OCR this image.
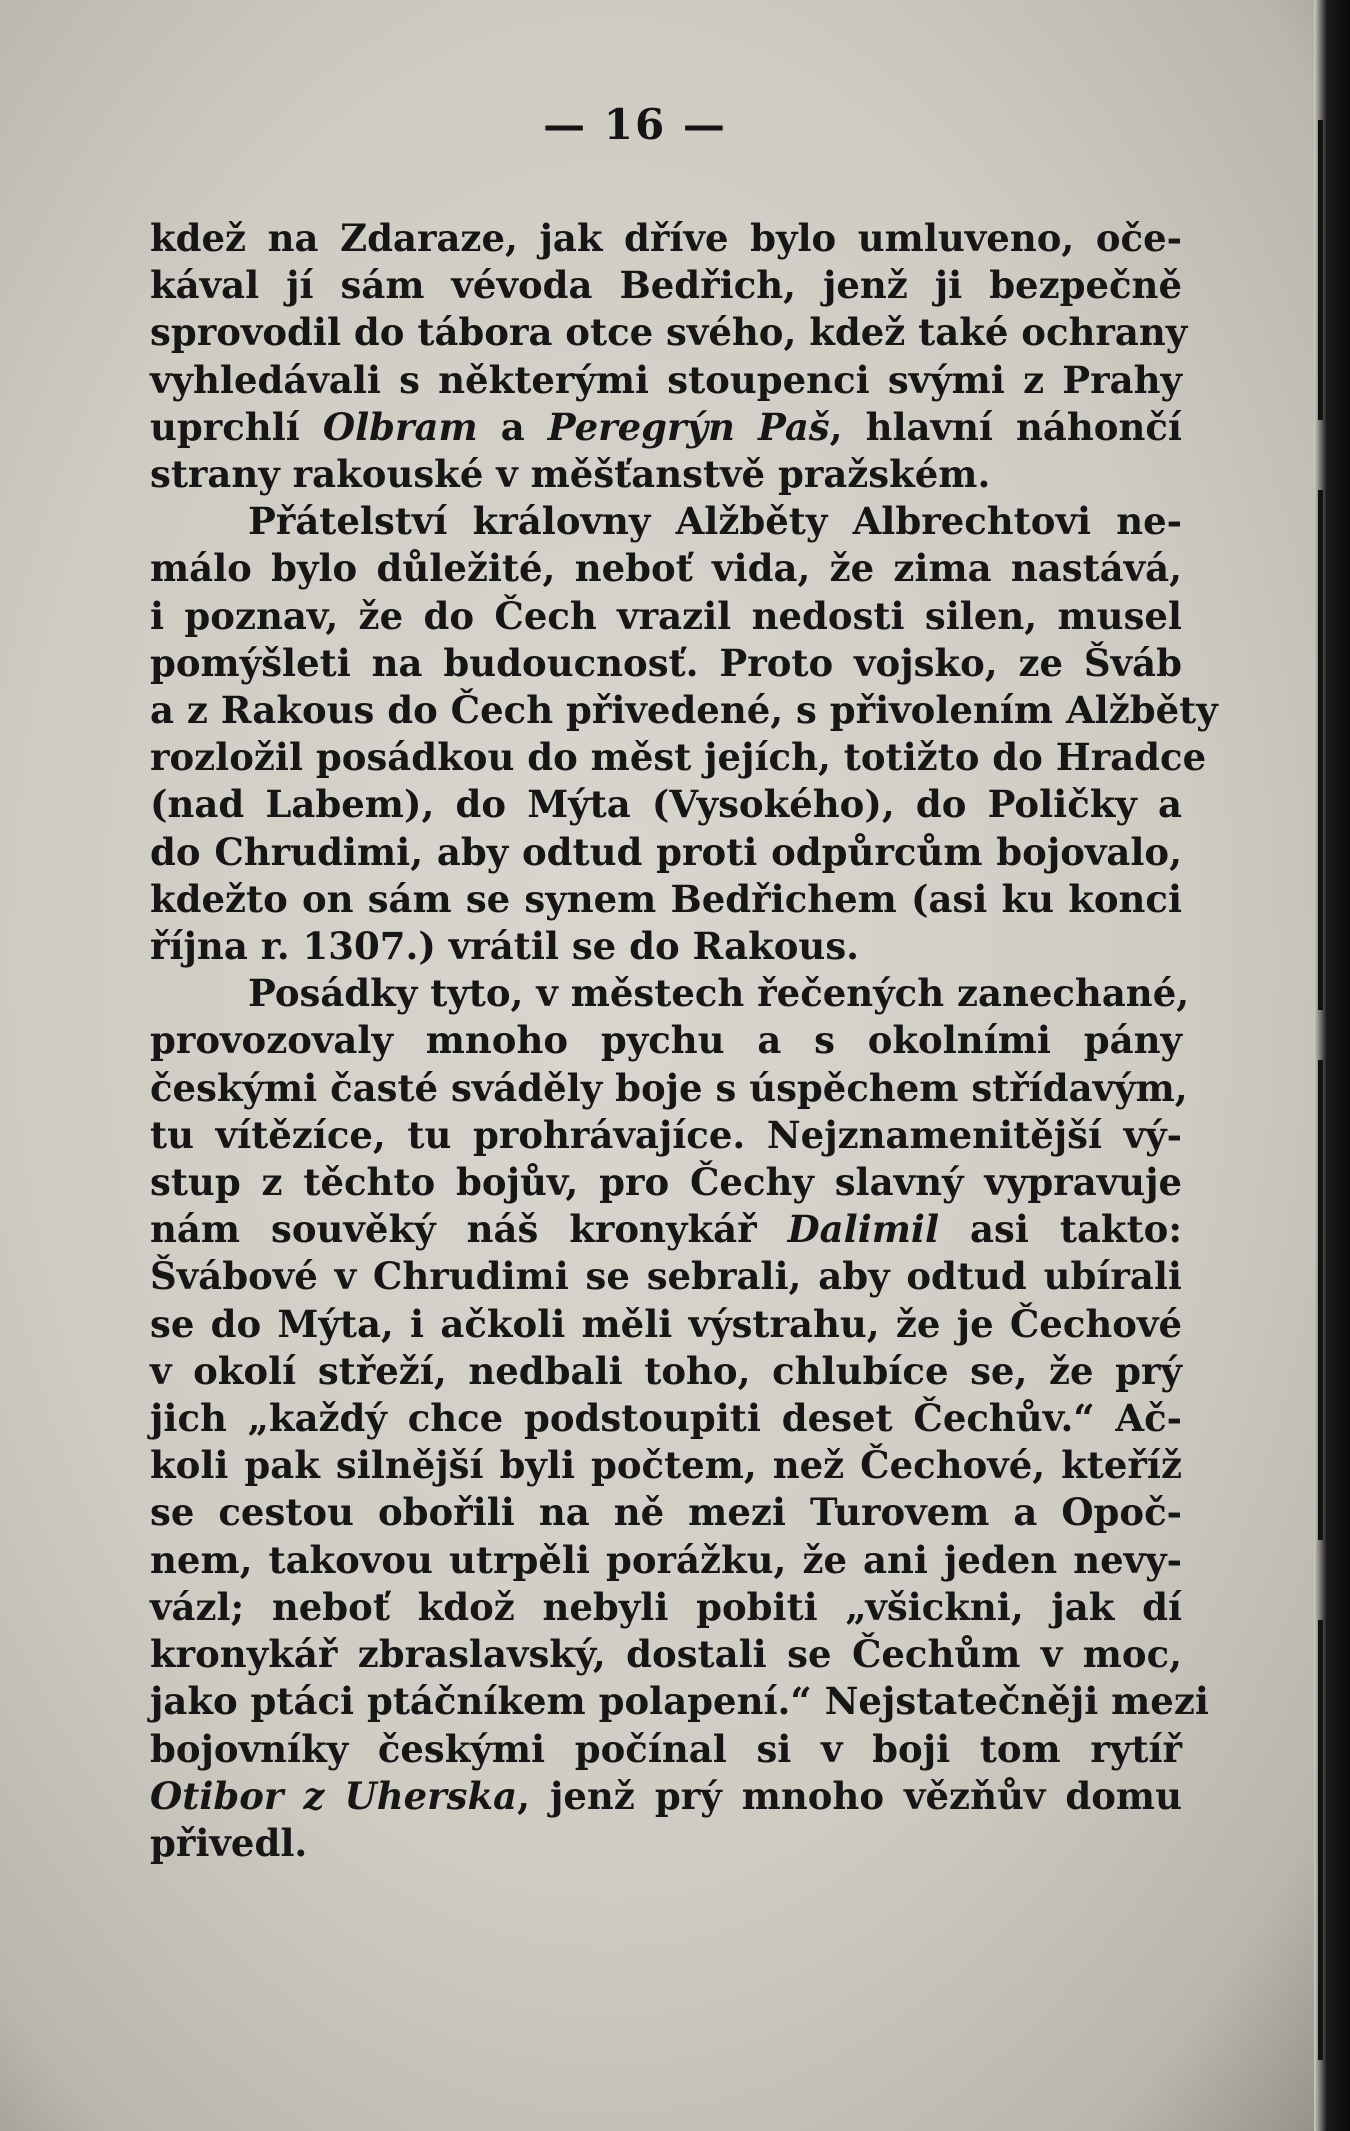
— 16 —
kdež na Zdaraze, jak dříve bylo umluveno, oče-
kával jí sám vévoda Bedřich, jenž ji bezpečně
sprovodil do tábora otce svého, kdež také ochrany
vyhledávali s některými stoupenci svými z Prahy
uprchlí Olbram a Peregrýn Paš, hlavní náhončí
strany rakouské v měšťanstvě pražském.
Přátelství královny Alžběty Albrechtovi ne-
málo bylo důležité, neboť vida, že zima nastává,
i poznav, že do Čech vrazil nedosti silen, musel
pomýšleti na budoucnosť. Proto vojsko, ze Šváb
a z Rakous do Čech přivedené, s přivolením Alžběty
rozložil posádkou do měst jejích, totižto do Hradce
(nad Labem), do Mýta (Vysokého), do Poličky a
do Chrudimi, aby odtud proti odpůrcům bojovalo,
kdežto on sám se synem Bedřichem (asi ku konci
října r. 1307.) vrátil se do Rakous.
Posádky tyto, v městech řečených zanechané,
provozovaly mnoho pychu a s okolními pány
českými časté sváděly boje s úspěchem střídavým,
tu vítězíce, tu prohrávajíce. Nejznamenitější vý-
stup z těchto bojův, pro Čechy slavný vypravuje
nám souvěký náš kronykář Dalimil asi takto:
Švábové v Chrudimi se sebrali, aby odtud ubírali
se do Mýta, i ačkoli měli výstrahu, že je Čechové
v okolí střeží, nedbali toho, chlubíce se, že prý
jich „každý chce podstoupiti deset Čechův.“ Ač-
koli pak silnější byli počtem, než Čechové, kteříž
se cestou obořili na ně mezi Turovem a Opoč-
nem, takovou utrpěli porážku, že ani jeden nevy-
vázl; neboť kdož nebyli pobiti „všickni, jak dí
kronykář zbraslavský, dostali se Čechům v moc,
jako ptáci ptáčníkem polapení.“ Nejstatečněji mezi
bojovníky českými počínal si v boji tom rytíř
Otibor z Uherska, jenž prý mnoho vězňův domu
přivedl.
